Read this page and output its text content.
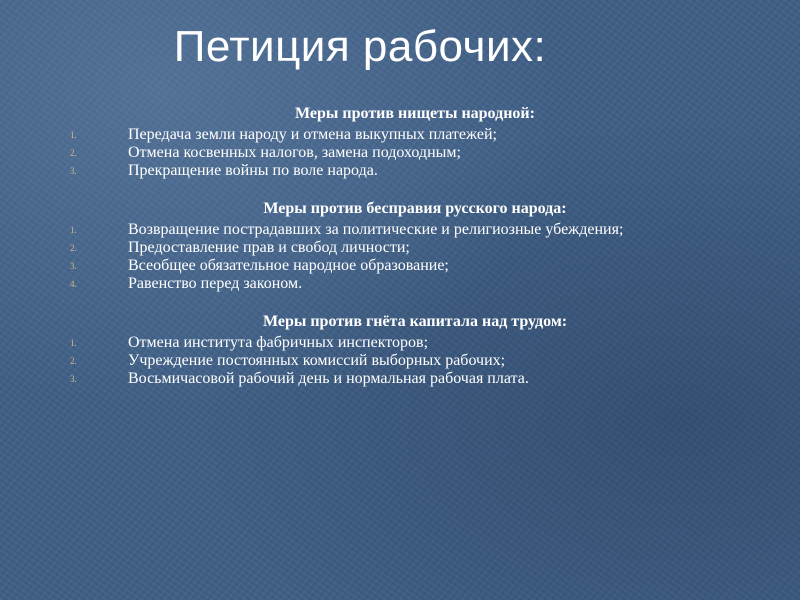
Петиция рабочих:
Меры против нищеты народной:
1.	Передача земли народу и отмена выкупных платежей;
2.	Отмена косвенных налогов, замена подоходным;
3.	Прекращение войны по воле народа.
Меры против бесправия русского народа:
1.	Возвращение пострадавших за политические и религиозные убеждения;
2.	Предоставление прав и свобод личности;
3.	Всеобщее обязательное народное образование;
4.	Равенство перед законом.
Меры против гнёта капитала над трудом:
1.	Отмена института фабричных инспекторов;
2.	Учреждение постоянных комиссий выборных рабочих;
3.	Восьмичасовой рабочий день и нормальная рабочая плата.
